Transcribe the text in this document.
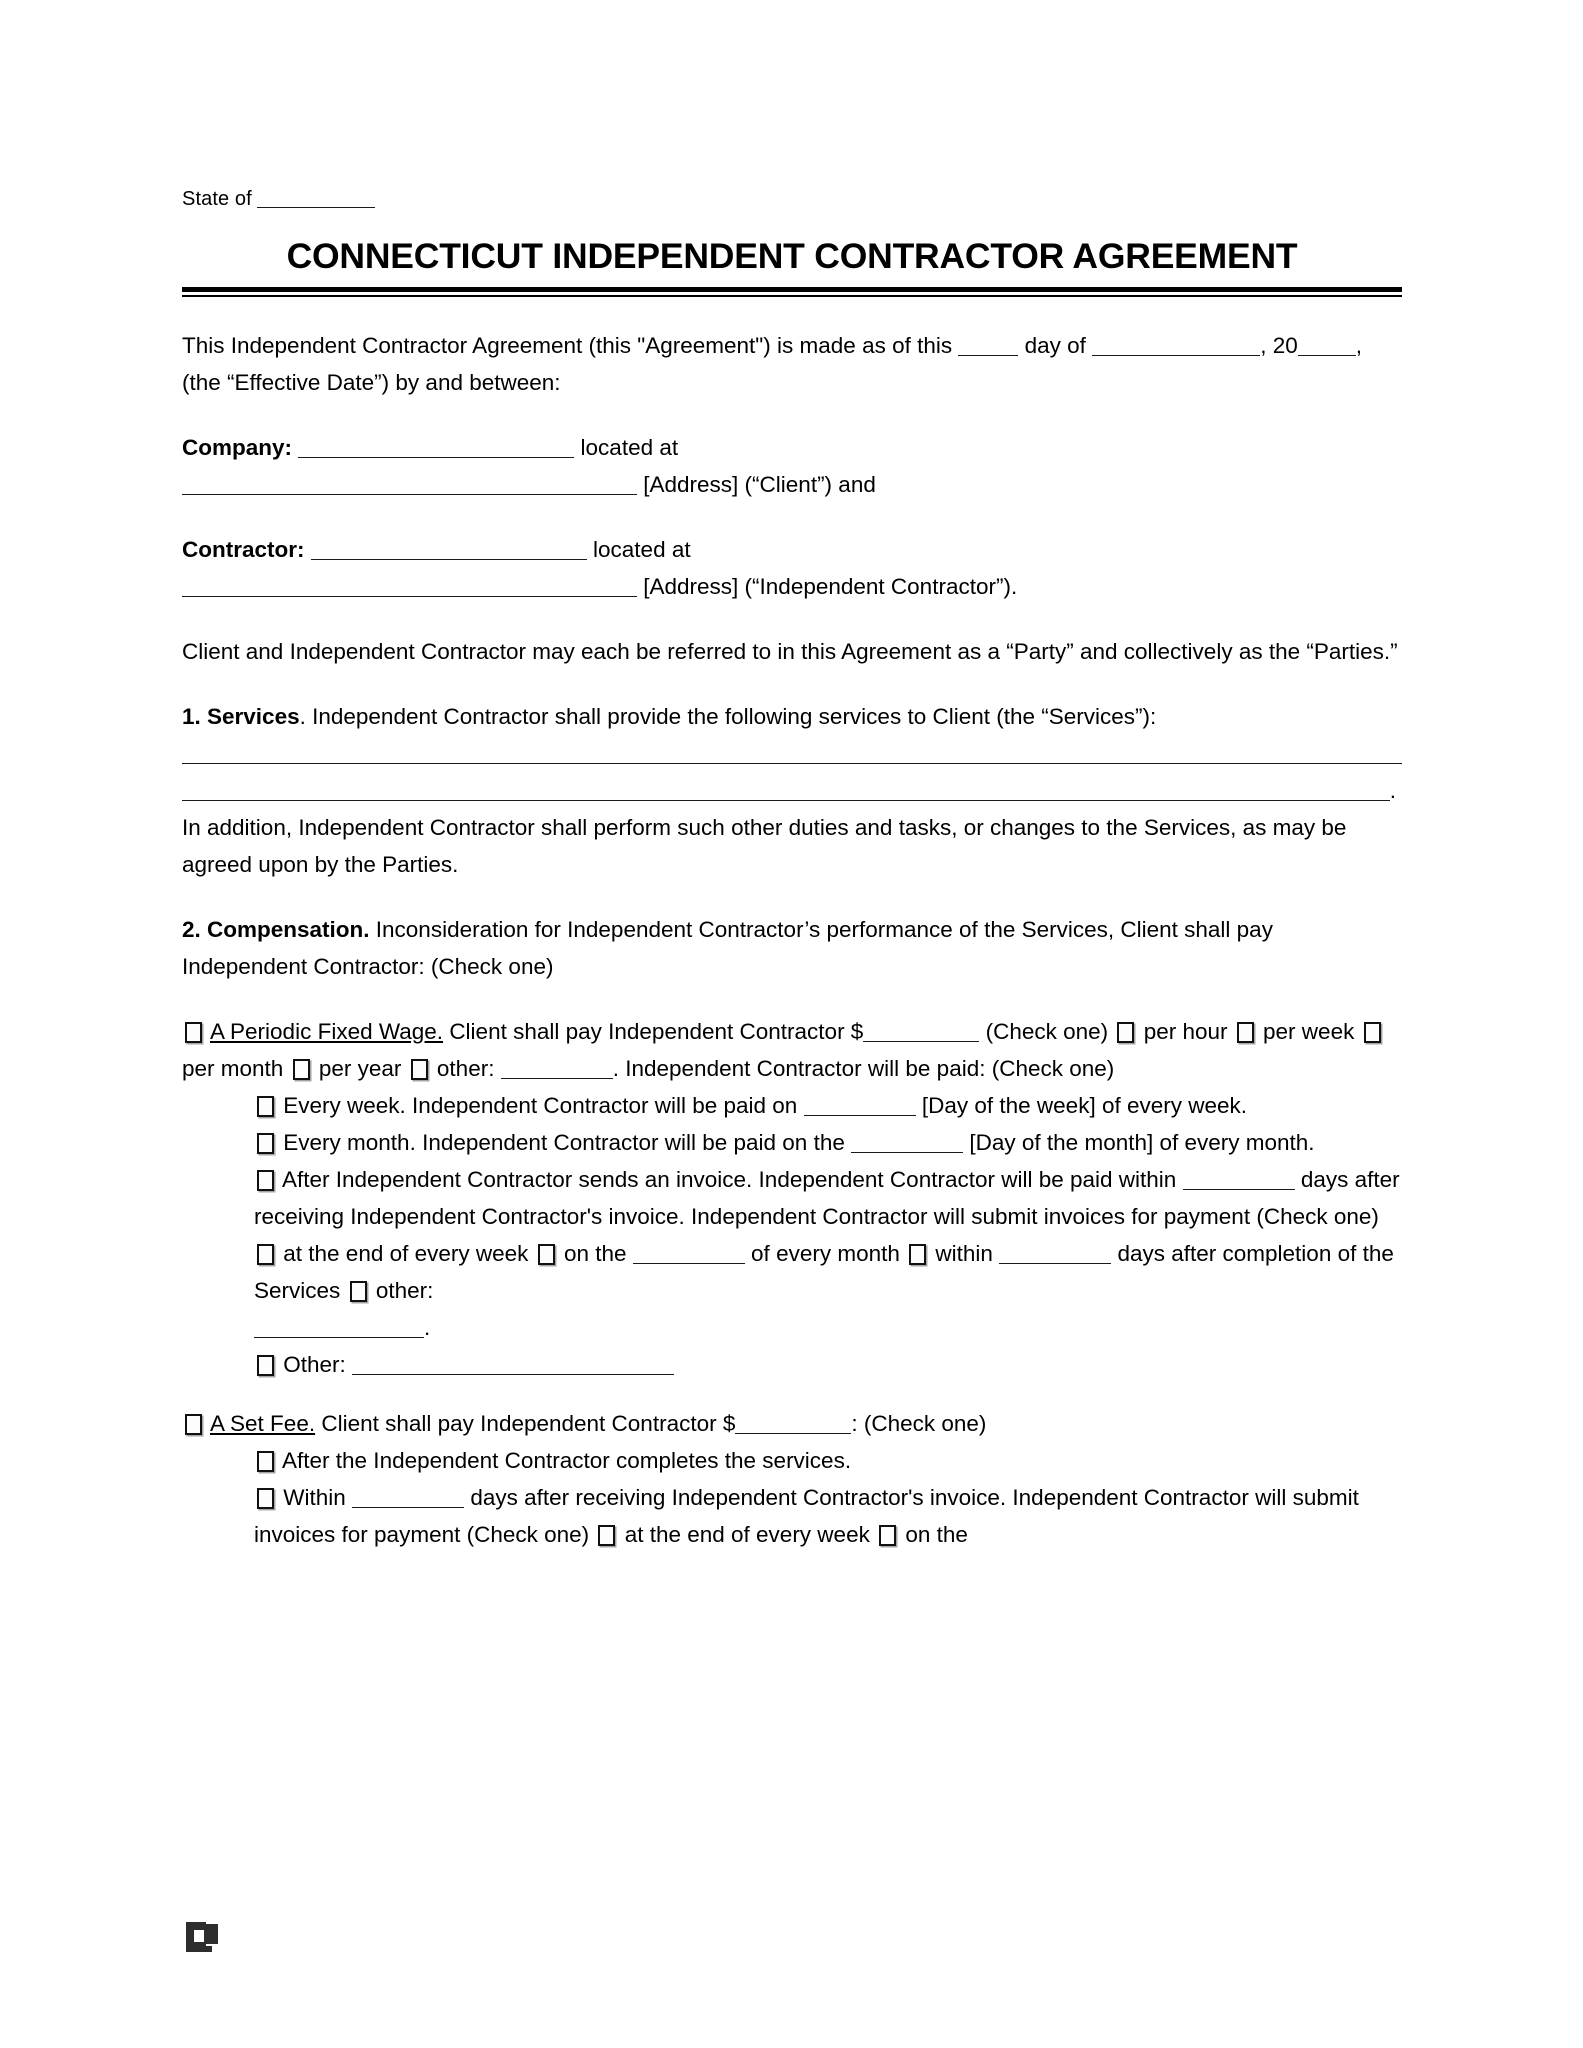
State of
CONNECTICUT INDEPENDENT CONTRACTOR AGREEMENT
This Independent Contractor Agreement (this "Agreement") is made as of this	day of	, 20	, (the “Effective Date”) by and between:
Company:	located at
[Address] (“Client”) and
Contractor:	located at
[Address] (“Independent Contractor”).
Client and Independent Contractor may each be referred to in this Agreement as a “Party” and collectively as the “Parties.”
1. Services. Independent Contractor shall provide the following services to Client (the “Services”):
.
In addition, Independent Contractor shall perform such other duties and tasks, or changes to the Services, as may be agreed upon by the Parties.
2. Compensation. Inconsideration for Independent Contractor’s performance of the Services, Client shall pay Independent Contractor: (Check one)
A Periodic Fixed Wage. Client shall pay Independent Contractor $	(Check one) per hour per week  per month per year other:	. Independent Contractor will be paid: (Check one)
Every week. Independent Contractor will be paid on	[Day of the week] of every week.
Every month. Independent Contractor will be paid on the	[Day of the month] of every month.
After Independent Contractor sends an invoice. Independent Contractor will be paid within	days after receiving Independent Contractor's invoice. Independent Contractor will submit invoices for payment (Check one)  at the end of every week on the	of every month within	days after completion of the Services other:
.
Other:
A Set Fee. Client shall pay Independent Contractor $	: (Check one)
After the Independent Contractor completes the services.
Within	days after receiving Independent Contractor's invoice. Independent Contractor will submit invoices for payment (Check one) at the end of every week on the
